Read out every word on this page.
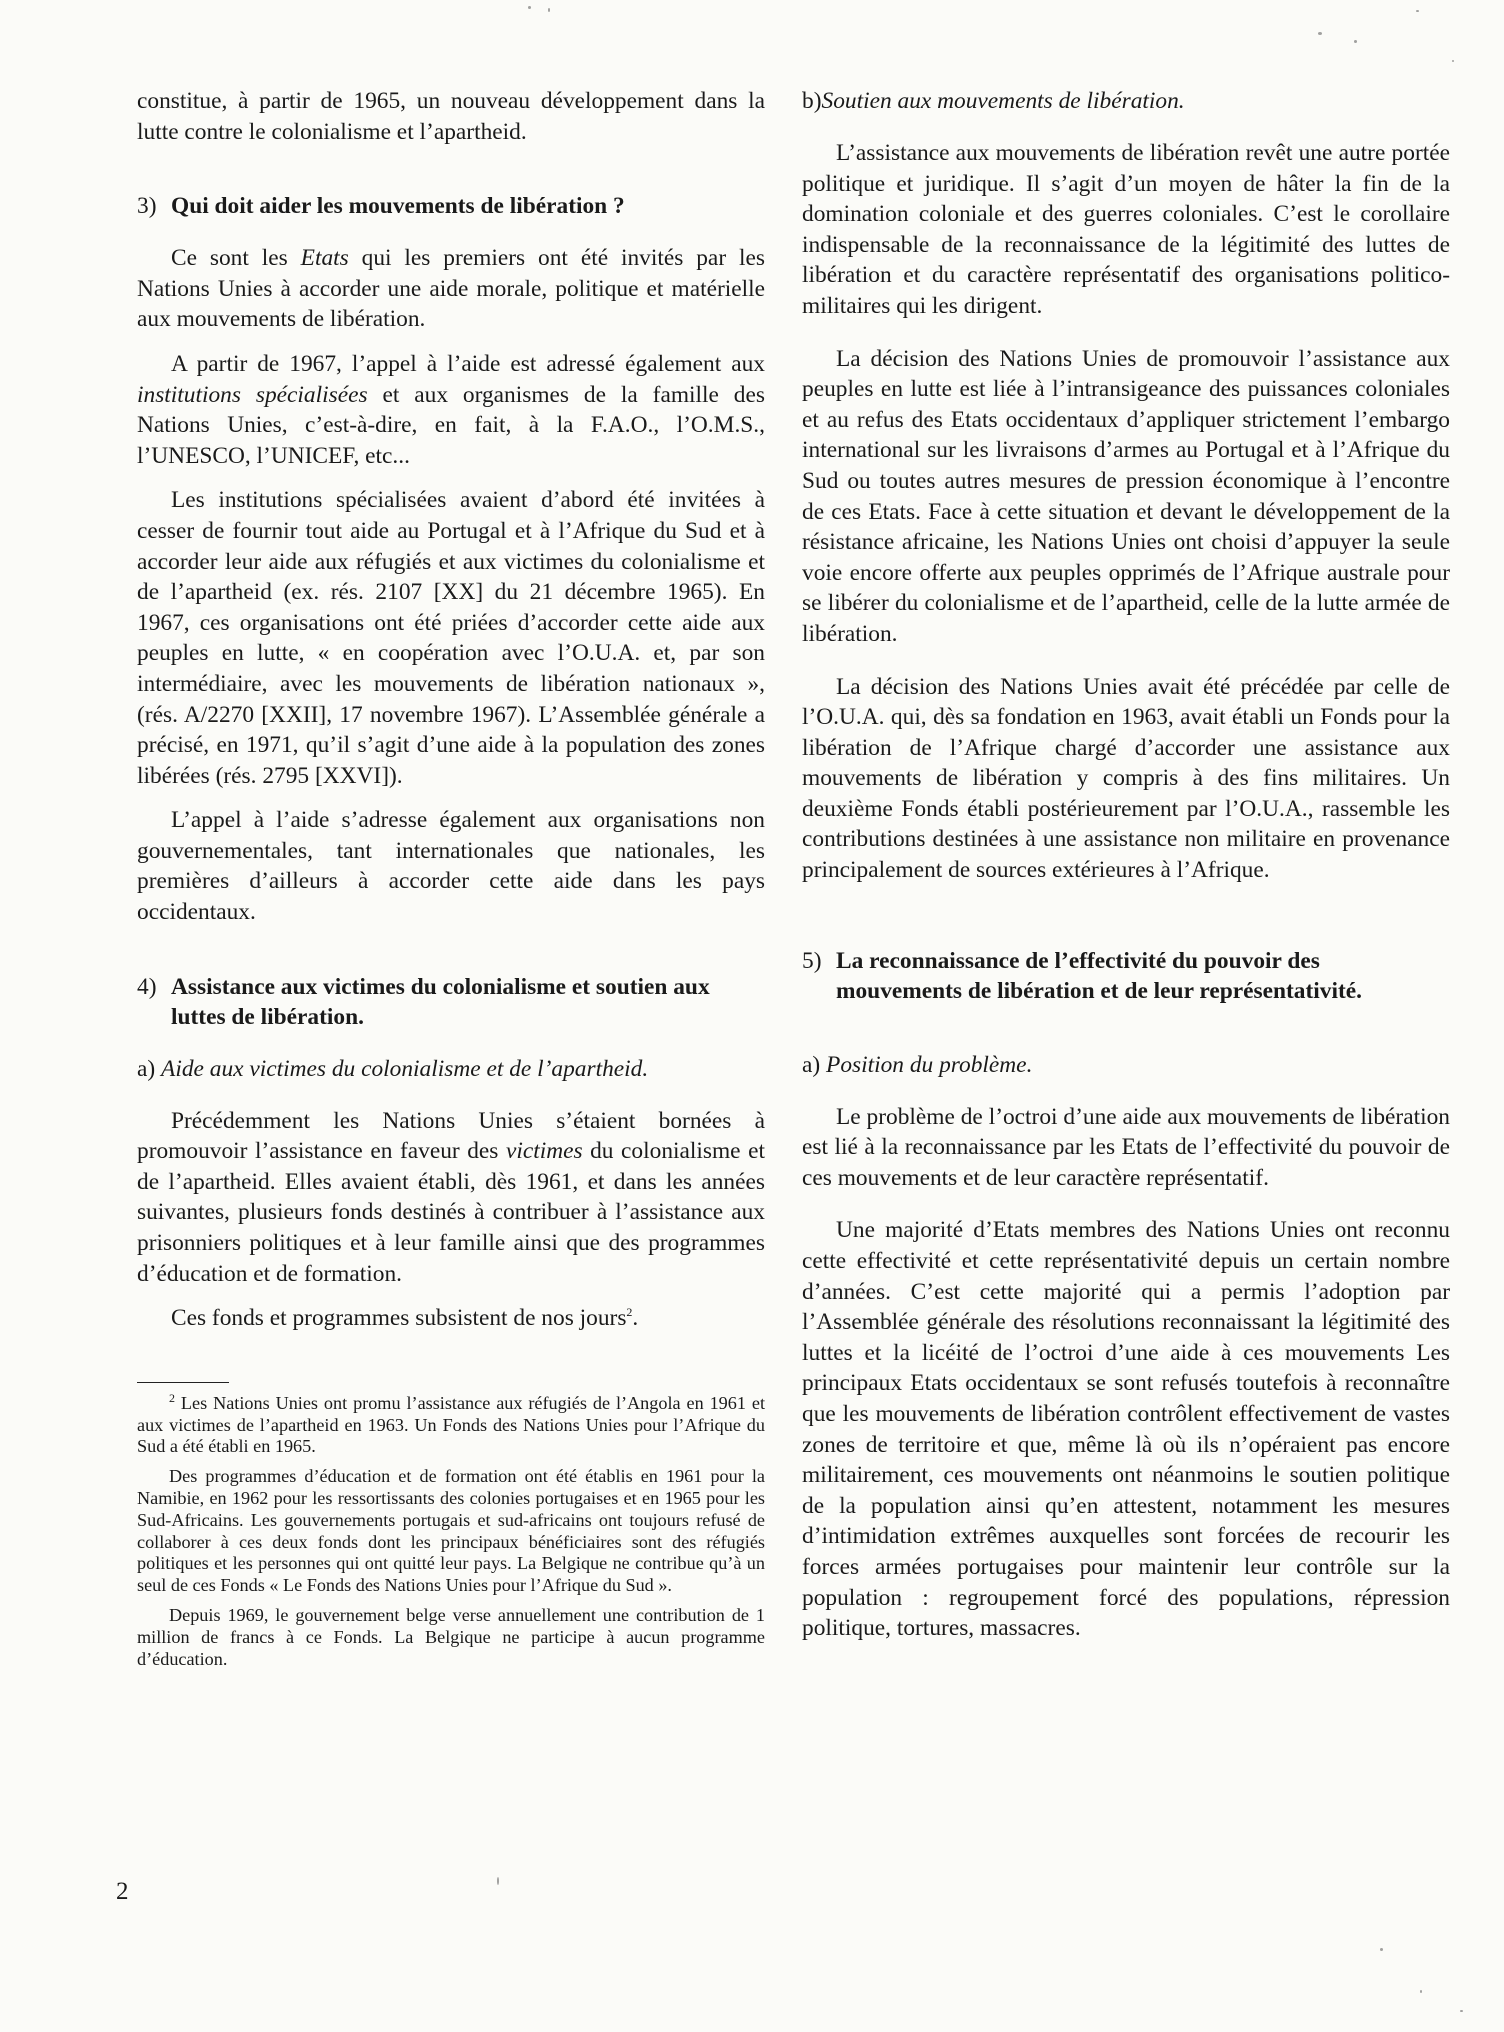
constitue, à partir de 1965, un nouveau développement dans la lutte contre le colonialisme et l’apartheid.

3) Qui doit aider les mouvements de libération ?

Ce sont les Etats qui les premiers ont été invités par les Nations Unies à accorder une aide morale, politique et matérielle aux mouvements de libération.

A partir de 1967, l’appel à l’aide est adressé également aux institutions spécialisées et aux organismes de la famille des Nations Unies, c’est-à-dire, en fait, à la F.A.O., l’O.M.S., l’UNESCO, l’UNICEF, etc...

Les institutions spécialisées avaient d’abord été invitées à cesser de fournir tout aide au Portugal et à l’Afrique du Sud et à accorder leur aide aux réfugiés et aux victimes du colonialisme et de l’apartheid (ex. rés. 2107 [XX] du 21 décembre 1965). En 1967, ces organisations ont été priées d’accorder cette aide aux peuples en lutte, « en coopération avec l’O.U.A. et, par son intermédiaire, avec les mouvements de libération nationaux », (rés. A/2270 [XXII], 17 novembre 1967). L’Assemblée générale a précisé, en 1971, qu’il s’agit d’une aide à la population des zones libérées (rés. 2795 [XXVI]).

L’appel à l’aide s’adresse également aux organisations non gouvernementales, tant internationales que nationales, les premières d’ailleurs à accorder cette aide dans les pays occidentaux.

4) Assistance aux victimes du colonialisme et soutien aux luttes de libération.

a) Aide aux victimes du colonialisme et de l’apartheid.

Précédemment les Nations Unies s’étaient bornées à promouvoir l’assistance en faveur des victimes du colonialisme et de l’apartheid. Elles avaient établi, dès 1961, et dans les années suivantes, plusieurs fonds destinés à contribuer à l’assistance aux prisonniers politiques et à leur famille ainsi que des programmes d’éducation et de formation.

Ces fonds et programmes subsistent de nos jours$^2$.

$^2$ Les Nations Unies ont promu l’assistance aux réfugiés de l’Angola en 1961 et aux victimes de l’apartheid en 1963. Un Fonds des Nations Unies pour l’Afrique du Sud a été établi en 1965.

Des programmes d’éducation et de formation ont été établis en 1961 pour la Namibie, en 1962 pour les ressortissants des colonies portugaises et en 1965 pour les Sud-Africains. Les gouvernements portugais et sud-africains ont toujours refusé de collaborer à ces deux fonds dont les principaux bénéficiaires sont des réfugiés politiques et les personnes qui ont quitté leur pays. La Belgique ne contribue qu’à un seul de ces Fonds « Le Fonds des Nations Unies pour l’Afrique du Sud ».

Depuis 1969, le gouvernement belge verse annuellement une contribution de 1 million de francs à ce Fonds. La Belgique ne participe à aucun programme d’éducation.

b)Soutien aux mouvements de libération.

L’assistance aux mouvements de libération revêt une autre portée politique et juridique. Il s’agit d’un moyen de hâter la fin de la domination coloniale et des guerres coloniales. C’est le corollaire indispensable de la reconnaissance de la légitimité des luttes de libération et du caractère représentatif des organisations politico-militaires qui les dirigent.

La décision des Nations Unies de promouvoir l’assistance aux peuples en lutte est liée à l’intransigeance des puissances coloniales et au refus des Etats occidentaux d’appliquer strictement l’embargo international sur les livraisons d’armes au Portugal et à l’Afrique du Sud ou toutes autres mesures de pression économique à l’encontre de ces Etats. Face à cette situation et devant le développement de la résistance africaine, les Nations Unies ont choisi d’appuyer la seule voie encore offerte aux peuples opprimés de l’Afrique australe pour se libérer du colonialisme et de l’apartheid, celle de la lutte armée de libération.

La décision des Nations Unies avait été précédée par celle de l’O.U.A. qui, dès sa fondation en 1963, avait établi un Fonds pour la libération de l’Afrique chargé d’accorder une assistance aux mouvements de libération y compris à des fins militaires. Un deuxième Fonds établi postérieurement par l’O.U.A., rassemble les contributions destinées à une assistance non militaire en provenance principalement de sources extérieures à l’Afrique.

5) La reconnaissance de l’effectivité du pouvoir des mouvements de libération et de leur représentativité.

a) Position du problème.

Le problème de l’octroi d’une aide aux mouvements de libération est lié à la reconnaissance par les Etats de l’effectivité du pouvoir de ces mouvements et de leur caractère représentatif.

Une majorité d’Etats membres des Nations Unies ont reconnu cette effectivité et cette représentativité depuis un certain nombre d’années. C’est cette majorité qui a permis l’adoption par l’Assemblée générale des résolutions reconnaissant la légitimité des luttes et la licéité de l’octroi d’une aide à ces mouvements Les principaux Etats occidentaux se sont refusés toutefois à reconnaître que les mouvements de libération contrôlent effectivement de vastes zones de territoire et que, même là où ils n’opéraient pas encore militairement, ces mouvements ont néanmoins le soutien politique de la population ainsi qu’en attestent, notamment les mesures d’intimidation extrêmes auxquelles sont forcées de recourir les forces armées portugaises pour maintenir leur contrôle sur la population : regroupement forcé des populations, répression politique, tortures, massacres.

2
